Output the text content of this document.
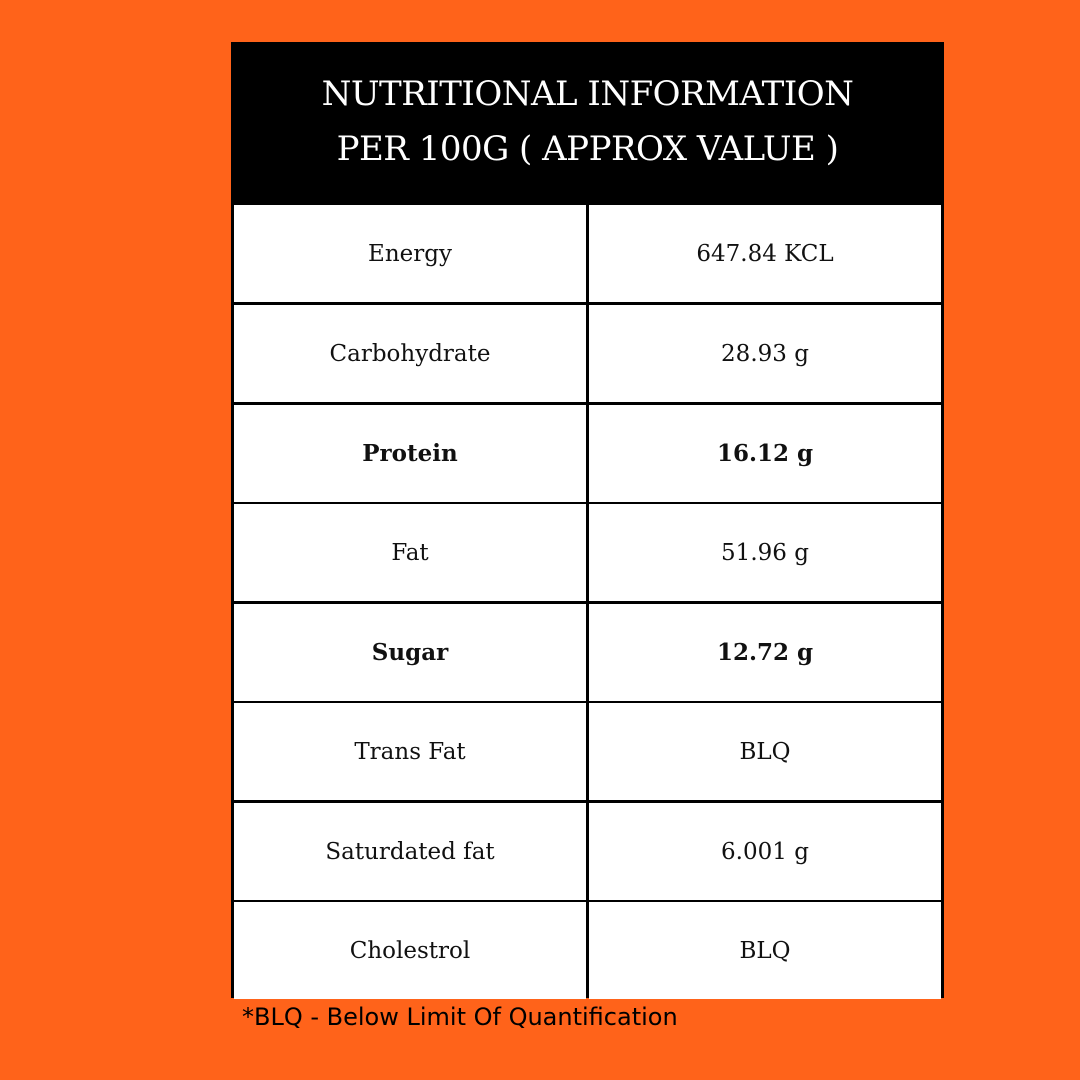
NUTRITIONAL INFORMATION
PER 100G ( APPROX VALUE )
Energy	647.84 KCL
Carbohydrate	28.93 g
Protein	16.12 g
Fat	51.96 g
Sugar	12.72 g
Trans Fat	BLQ
Saturdated fat	6.001 g
Cholestrol	BLQ
*BLQ - Below Limit Of Quantification
